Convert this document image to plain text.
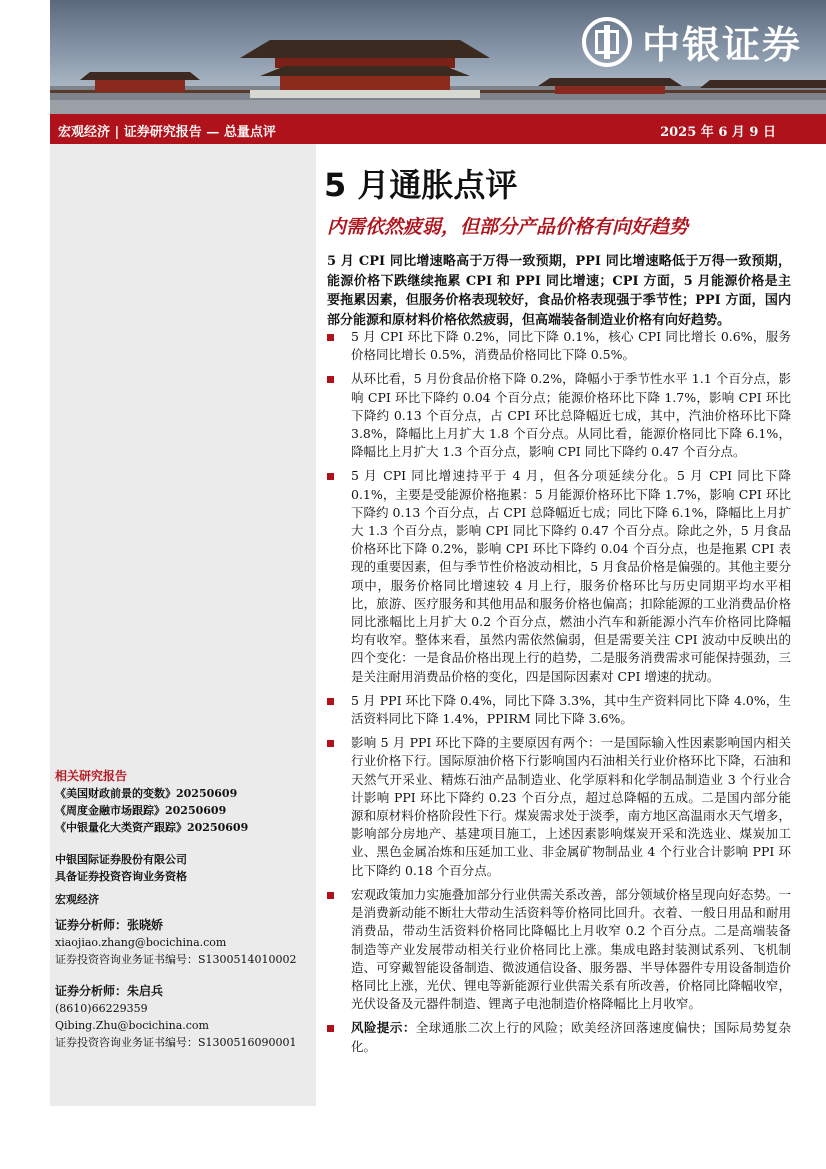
中银证券
宏观经济 | 证券研究报告 — 总量点评	2025 年 6 月 9 日
相关研究报告
《美国财政前景的变数》20250609
《周度金融市场跟踪》20250609
《中银量化大类资产跟踪》20250609
中银国际证券股份有限公司
具备证券投资咨询业务资格
宏观经济
证券分析师：张晓娇
xiaojiao.zhang@bocichina.com
证券投资咨询业务证书编号：S1300514010002
证券分析师：朱启兵
(8610)66229359
Qibing.Zhu@bocichina.com
证券投资咨询业务证书编号：S1300516090001
5 月通胀点评
内需依然疲弱，但部分产品价格有向好趋势
5 月 CPI 同比增速略高于万得一致预期，PPI 同比增速略低于万得一致预期，能源价格下跌继续拖累 CPI 和 PPI 同比增速；CPI 方面，5 月能源价格是主要拖累因素，但服务价格表现较好，食品价格表现强于季节性；PPI 方面，国内部分能源和原材料价格依然疲弱，但高端装备制造业价格有向好趋势。
5 月 CPI 环比下降 0.2%，同比下降 0.1%，核心 CPI 同比增长 0.6%，服务价格同比增长 0.5%，消费品价格同比下降 0.5%。
从环比看，5 月份食品价格下降 0.2%，降幅小于季节性水平 1.1 个百分点，影响 CPI 环比下降约 0.04 个百分点；能源价格环比下降 1.7%，影响 CPI 环比下降约 0.13 个百分点，占 CPI 环比总降幅近七成，其中，汽油价格环比下降 3.8%，降幅比上月扩大 1.8 个百分点。从同比看，能源价格同比下降 6.1%，降幅比上月扩大 1.3 个百分点，影响 CPI 同比下降约 0.47 个百分点。
5 月 CPI 同比增速持平于 4 月，但各分项延续分化。5 月 CPI 同比下降 0.1%，主要是受能源价格拖累：5 月能源价格环比下降 1.7%，影响 CPI 环比下降约 0.13 个百分点，占 CPI 总降幅近七成；同比下降 6.1%，降幅比上月扩大 1.3 个百分点，影响 CPI 同比下降约 0.47 个百分点。除此之外，5 月食品价格环比下降 0.2%，影响 CPI 环比下降约 0.04 个百分点，也是拖累 CPI 表现的重要因素，但与季节性价格波动相比，5 月食品价格是偏强的。其他主要分项中，服务价格同比增速较 4 月上行，服务价格环比与历史同期平均水平相比，旅游、医疗服务和其他用品和服务价格也偏高；扣除能源的工业消费品价格同比涨幅比上月扩大 0.2 个百分点，燃油小汽车和新能源小汽车价格同比降幅均有收窄。整体来看，虽然内需依然偏弱，但是需要关注 CPI 波动中反映出的四个变化：一是食品价格出现上行的趋势，二是服务消费需求可能保持强劲，三是关注耐用消费品价格的变化，四是国际因素对 CPI 增速的扰动。
5 月 PPI 环比下降 0.4%，同比下降 3.3%，其中生产资料同比下降 4.0%，生活资料同比下降 1.4%，PPIRM 同比下降 3.6%。
影响 5 月 PPI 环比下降的主要原因有两个：一是国际输入性因素影响国内相关行业价格下行。国际原油价格下行影响国内石油相关行业价格环比下降，石油和天然气开采业、精炼石油产品制造业、化学原料和化学制品制造业 3 个行业合计影响 PPI 环比下降约 0.23 个百分点，超过总降幅的五成。二是国内部分能源和原材料价格阶段性下行。煤炭需求处于淡季，南方地区高温雨水天气增多，影响部分房地产、基建项目施工，上述因素影响煤炭开采和洗选业、煤炭加工业、黑色金属冶炼和压延加工业、非金属矿物制品业 4 个行业合计影响 PPI 环比下降约 0.18 个百分点。
宏观政策加力实施叠加部分行业供需关系改善，部分领域价格呈现向好态势。一是消费新动能不断壮大带动生活资料等价格同比回升。衣着、一般日用品和耐用消费品，带动生活资料价格同比降幅比上月收窄 0.2 个百分点。二是高端装备制造等产业发展带动相关行业价格同比上涨。集成电路封装测试系列、飞机制造、可穿戴智能设备制造、微波通信设备、服务器、半导体器件专用设备制造价格同比上涨，光伏、锂电等新能源行业供需关系有所改善，价格同比降幅收窄，光伏设备及元器件制造、锂离子电池制造价格降幅比上月收窄。
风险提示：全球通胀二次上行的风险；欧美经济回落速度偏快；国际局势复杂化。
